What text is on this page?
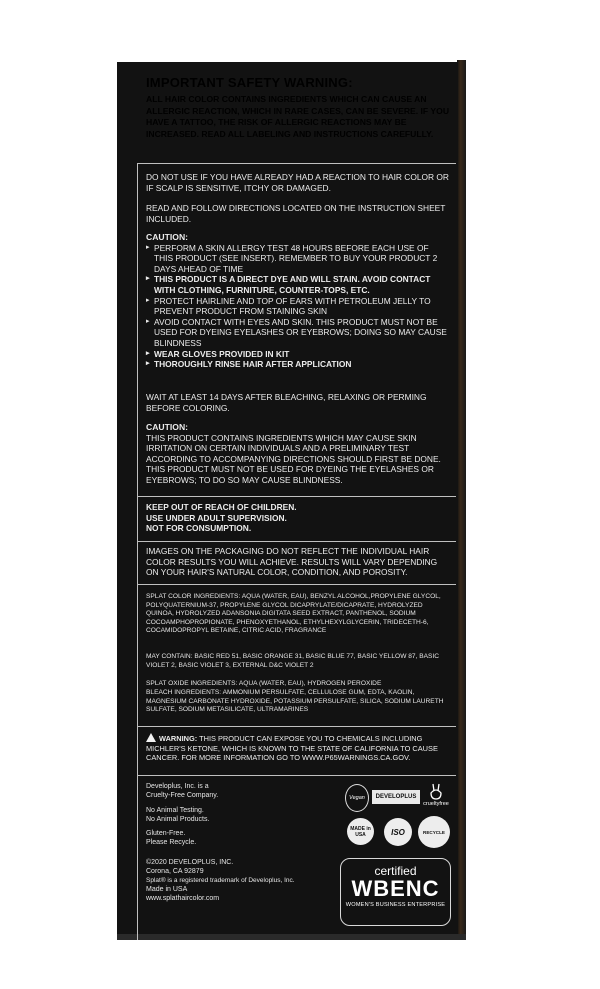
IMPORTANT SAFETY WARNING:
ALL HAIR COLOR CONTAINS INGREDIENTS WHICH CAN CAUSE AN ALLERGIC REACTION, WHICH IN RARE CASES, CAN BE SEVERE. IF YOU HAVE A TATTOO, THE RISK OF ALLERGIC REACTIONS MAY BE INCREASED. READ ALL LABELING AND INSTRUCTIONS CAREFULLY.
DO NOT USE IF YOU HAVE ALREADY HAD A REACTION TO HAIR COLOR OR IF SCALP IS SENSITIVE, ITCHY OR DAMAGED.
READ AND FOLLOW DIRECTIONS LOCATED ON THE INSTRUCTION SHEET INCLUDED.
CAUTION:
▸ PERFORM A SKIN ALLERGY TEST 48 HOURS BEFORE EACH USE OF THIS PRODUCT (SEE INSERT). REMEMBER TO BUY YOUR PRODUCT 2 DAYS AHEAD OF TIME
▸ THIS PRODUCT IS A DIRECT DYE AND WILL STAIN. AVOID CONTACT WITH CLOTHING, FURNITURE, COUNTER-TOPS, ETC.
▸ PROTECT HAIRLINE AND TOP OF EARS WITH PETROLEUM JELLY TO PREVENT PRODUCT FROM STAINING SKIN
▸ AVOID CONTACT WITH EYES AND SKIN. THIS PRODUCT MUST NOT BE USED FOR DYEING EYELASHES OR EYEBROWS; DOING SO MAY CAUSE BLINDNESS
▸ WEAR GLOVES PROVIDED IN KIT
▸ THOROUGHLY RINSE HAIR AFTER APPLICATION
WAIT AT LEAST 14 DAYS AFTER BLEACHING, RELAXING OR PERMING BEFORE COLORING.
CAUTION:
THIS PRODUCT CONTAINS INGREDIENTS WHICH MAY CAUSE SKIN IRRITATION ON CERTAIN INDIVIDUALS AND A PRELIMINARY TEST ACCORDING TO ACCOMPANYING DIRECTIONS SHOULD FIRST BE DONE. THIS PRODUCT MUST NOT BE USED FOR DYEING THE EYELASHES OR EYEBROWS; TO DO SO MAY CAUSE BLINDNESS.
KEEP OUT OF REACH OF CHILDREN.
USE UNDER ADULT SUPERVISION.
NOT FOR CONSUMPTION.
IMAGES ON THE PACKAGING DO NOT REFLECT THE INDIVIDUAL HAIR COLOR RESULTS YOU WILL ACHIEVE. RESULTS WILL VARY DEPENDING ON YOUR HAIR'S NATURAL COLOR, CONDITION, AND POROSITY.
SPLAT COLOR INGREDIENTS: AQUA (WATER, EAU), BENZYL ALCOHOL,PROPYLENE GLYCOL, POLYQUATERNIUM-37, PROPYLENE GLYCOL DICAPRYLATE/DICAPRATE, HYDROLYZED QUINOA, HYDROLYZED ADANSONIA DIGITATA SEED EXTRACT, PANTHENOL, SODIUM COCOAMPHOPROPIONATE, PHENOXYETHANOL, ETHYLHEXYLGLYCERIN, TRIDECETH-6, COCAMIDOPROPYL BETAINE, CITRIC ACID, FRAGRANCE
MAY CONTAIN: BASIC RED 51, BASIC ORANGE 31, BASIC BLUE 77, BASIC YELLOW 87, BASIC VIOLET 2, BASIC VIOLET 3, EXTERNAL D&C VIOLET 2
SPLAT OXIDE INGREDIENTS: AQUA (WATER, EAU), HYDROGEN PEROXIDE
BLEACH INGREDIENTS: AMMONIUM PERSULFATE, CELLULOSE GUM, EDTA, KAOLIN, MAGNESIUM CARBONATE HYDROXIDE, POTASSIUM PERSULFATE, SILICA, SODIUM LAURETH SULFATE, SODIUM METASILICATE, ULTRAMARINES
WARNING: THIS PRODUCT CAN EXPOSE YOU TO CHEMICALS INCLUDING MICHLER'S KETONE, WHICH IS KNOWN TO THE STATE OF CALIFORNIA TO CAUSE CANCER. FOR MORE INFORMATION GO TO WWW.P65WARNINGS.CA.GOV.
Developlus, Inc. is a
Cruelty-Free Company.
No Animal Testing.
No Animal Products.
Gluten-Free.
Please Recycle.
©2020 DEVELOPLUS, INC.
Corona, CA 92879
Splat® is a registered trademark of Developlus, Inc.
Made in USA
www.splathaircolor.com
Vegan DEVELOPLUS
crueltyfree
MADE in USA	ISO	RECYCLE
certified
WBENC
WOMEN'S BUSINESS ENTERPRISE
